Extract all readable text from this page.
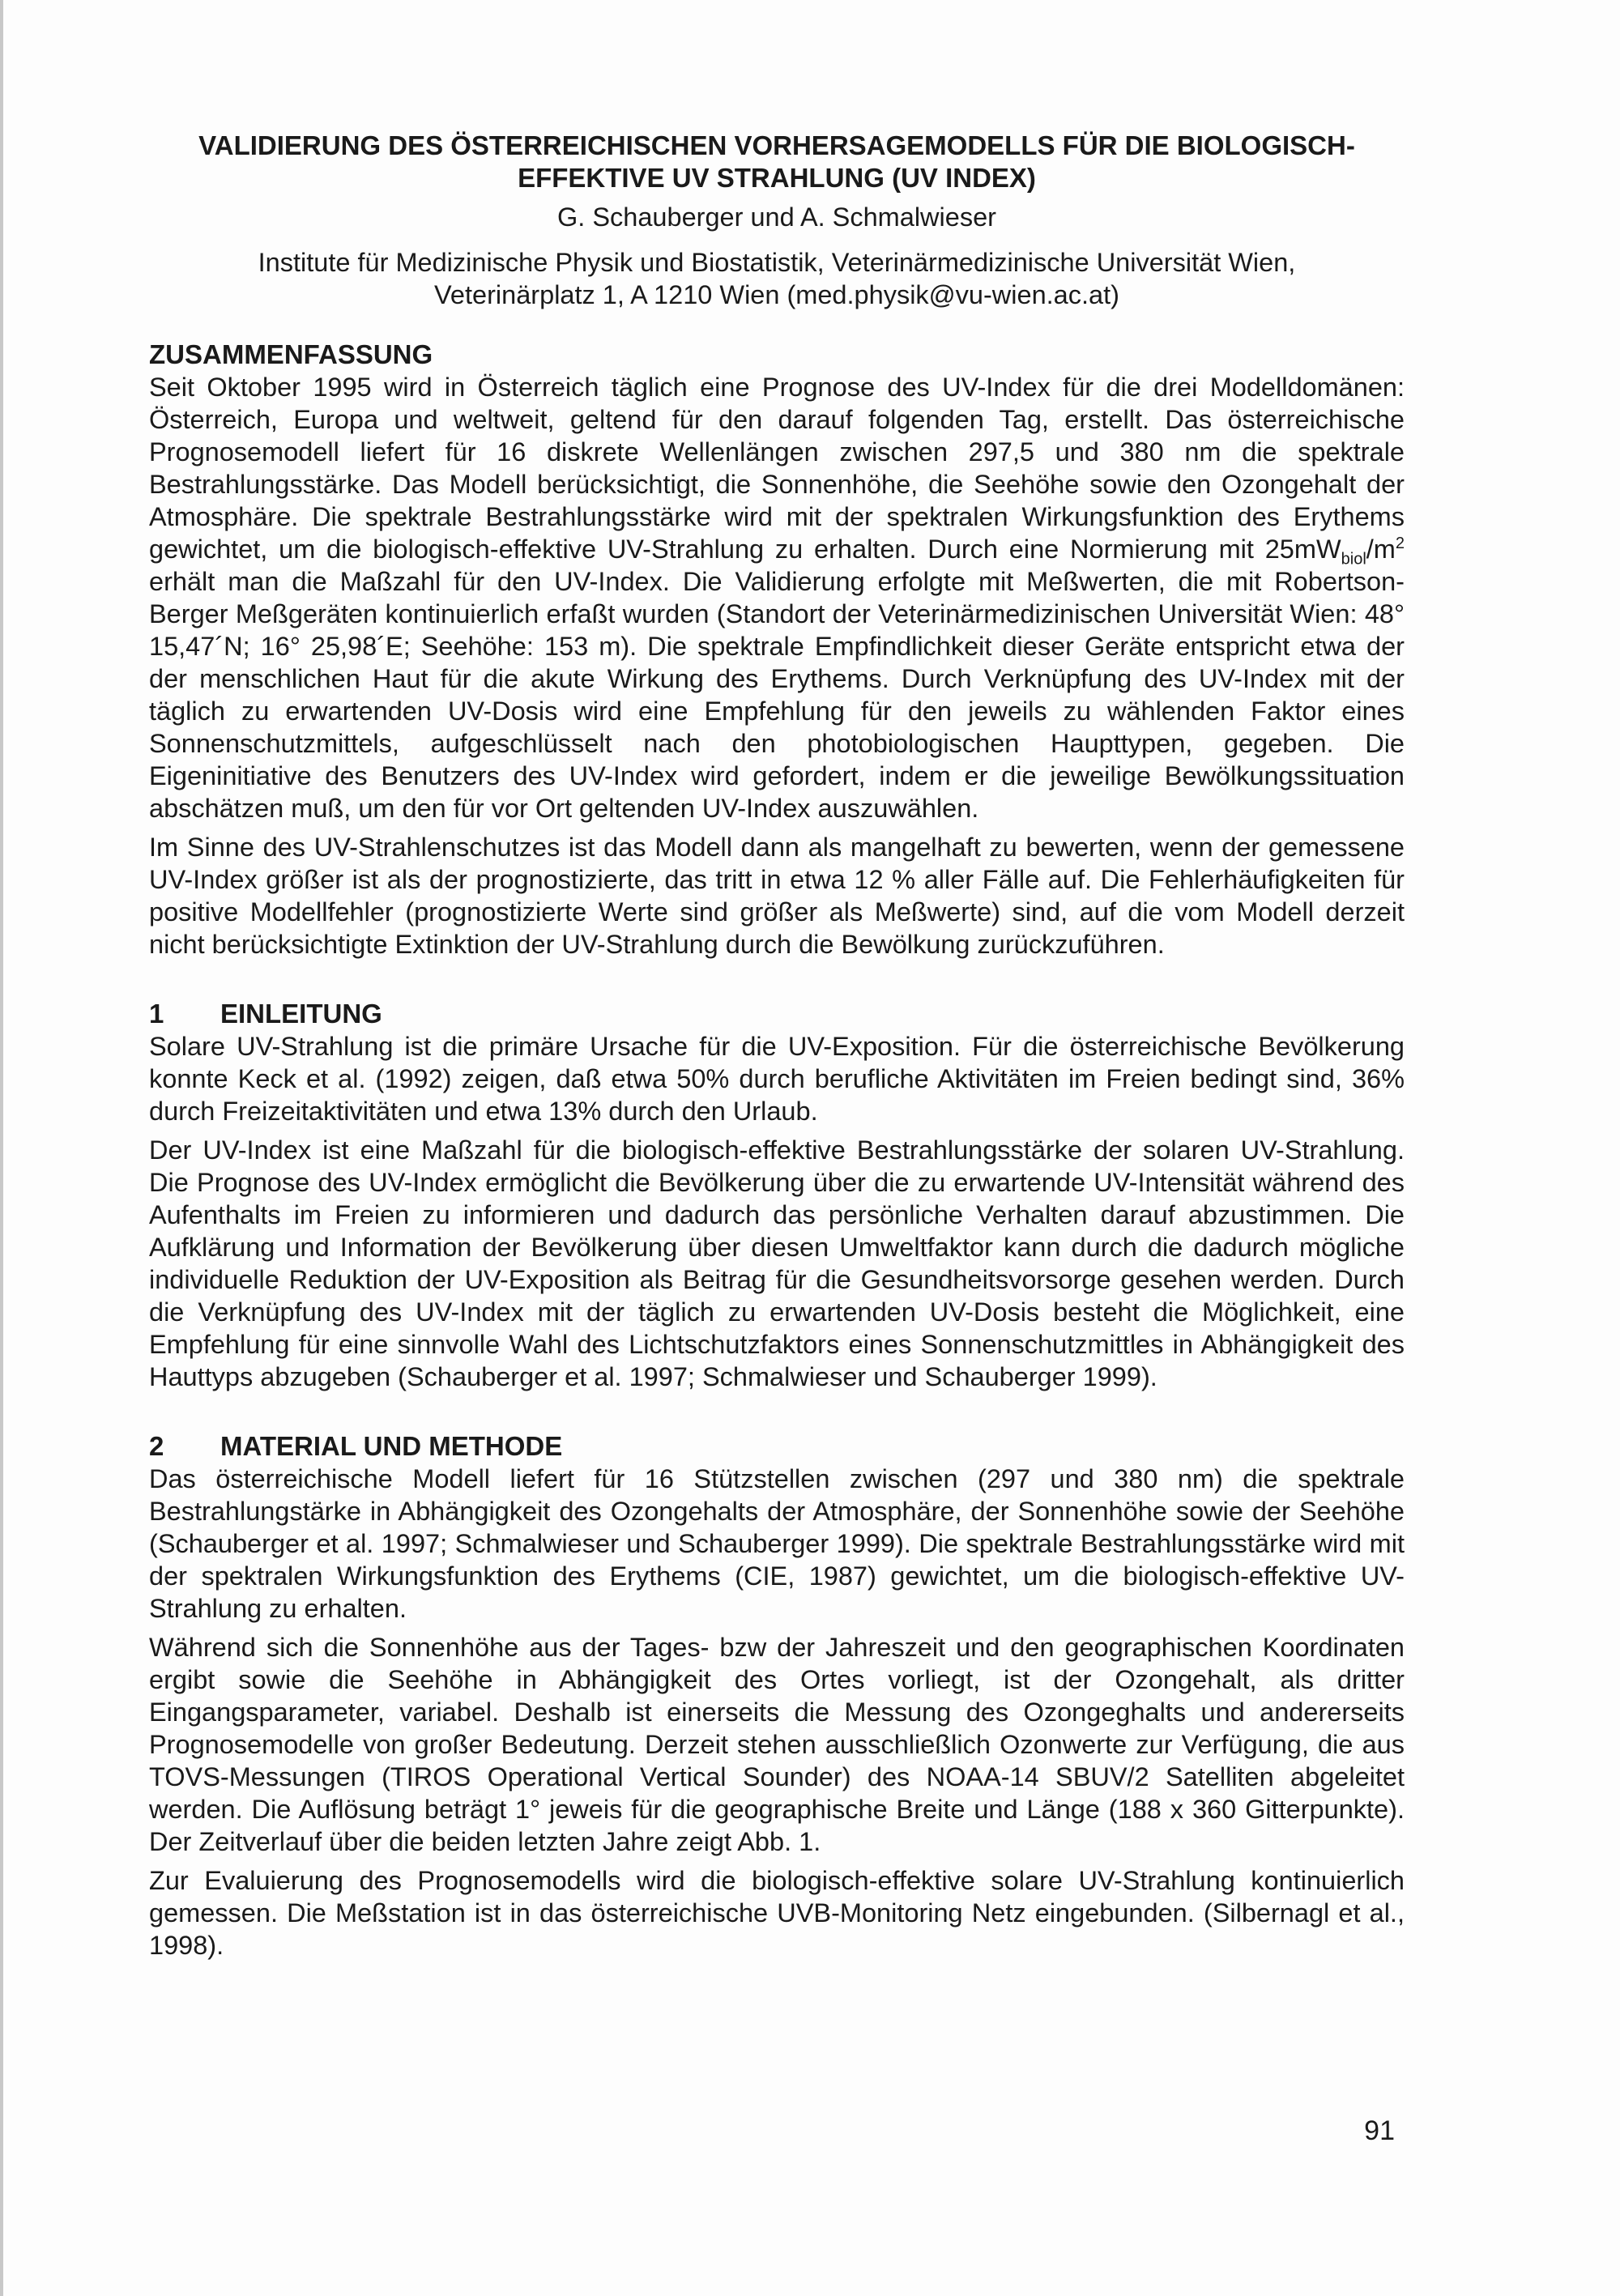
VALIDIERUNG DES ÖSTERREICHISCHEN VORHERSAGEMODELLS FÜR DIE BIOLOGISCH-EFFEKTIVE UV STRAHLUNG (UV INDEX)
G. Schauberger und A. Schmalwieser
Institute für Medizinische Physik und Biostatistik, Veterinärmedizinische Universität Wien,
Veterinärplatz 1, A 1210 Wien (med.physik@vu-wien.ac.at)
ZUSAMMENFASSUNG

Seit Oktober 1995 wird in Österreich täglich eine Prognose des UV-Index für die drei Modelldomänen: Österreich, Europa und weltweit, geltend für den darauf folgenden Tag, erstellt. Das österreichische Prognosemodell liefert für 16 diskrete Wellenlängen zwischen 297,5 und 380 nm die spektrale Bestrahlungsstärke. Das Modell berücksichtigt, die Sonnenhöhe, die Seehöhe sowie den Ozongehalt der Atmosphäre. Die spektrale Bestrahlungsstärke wird mit der spektralen Wirkungsfunktion des Erythems gewichtet, um die biologisch-effektive UV-Strahlung zu erhalten. Durch eine Normierung mit $25mW_{biol}/m^2$ erhält man die Maßzahl für den UV-Index. Die Validierung erfolgte mit Meßwerten, die mit Robertson-Berger Meßgeräten kontinuierlich erfaßt wurden (Standort der Veterinärmedizinischen Universität Wien: 48° 15,47´N; 16° 25,98´E; Seehöhe: 153 m). Die spektrale Empfindlichkeit dieser Geräte entspricht etwa der der menschlichen Haut für die akute Wirkung des Erythems. Durch Verknüpfung des UV-Index mit der täglich zu erwartenden UV-Dosis wird eine Empfehlung für den jeweils zu wählenden Faktor eines Sonnenschutzmittels, aufgeschlüsselt nach den photobiologischen Haupttypen, gegeben. Die Eigeninitiative des Benutzers des UV-Index wird gefordert, indem er die jeweilige Bewölkungssituation abschätzen muß, um den für vor Ort geltenden UV-Index auszuwählen.

Im Sinne des UV-Strahlenschutzes ist das Modell dann als mangelhaft zu bewerten, wenn der gemessene UV-Index größer ist als der prognostizierte, das tritt in etwa 12 % aller Fälle auf. Die Fehlerhäufigkeiten für positive Modellfehler (prognostizierte Werte sind größer als Meßwerte) sind, auf die vom Modell derzeit nicht berücksichtigte Extinktion der UV-Strahlung durch die Bewölkung zurückzuführen.

1	EINLEITUNG

Solare UV-Strahlung ist die primäre Ursache für die UV-Exposition. Für die österreichische Bevölkerung konnte Keck et al. (1992) zeigen, daß etwa 50% durch berufliche Aktivitäten im Freien bedingt sind, 36% durch Freizeitaktivitäten und etwa 13% durch den Urlaub.

Der UV-Index ist eine Maßzahl für die biologisch-effektive Bestrahlungsstärke der solaren UV-Strahlung. Die Prognose des UV-Index ermöglicht die Bevölkerung über die zu erwartende UV-Intensität während des Aufenthalts im Freien zu informieren und dadurch das persönliche Verhalten darauf abzustimmen. Die Aufklärung und Information der Bevölkerung über diesen Umweltfaktor kann durch die dadurch mögliche individuelle Reduktion der UV-Exposition als Beitrag für die Gesundheitsvorsorge gesehen werden. Durch die Verknüpfung des UV-Index mit der täglich zu erwartenden UV-Dosis besteht die Möglichkeit, eine Empfehlung für eine sinnvolle Wahl des Lichtschutzfaktors eines Sonnenschutzmittles in Abhängigkeit des Hauttyps abzugeben (Schauberger et al. 1997; Schmalwieser und Schauberger 1999).

2	MATERIAL UND METHODE

Das österreichische Modell liefert für 16 Stützstellen zwischen (297 und 380 nm) die spektrale Bestrahlungstärke in Abhängigkeit des Ozongehalts der Atmosphäre, der Sonnenhöhe sowie der Seehöhe (Schauberger et al. 1997; Schmalwieser und Schauberger 1999). Die spektrale Bestrahlungsstärke wird mit der spektralen Wirkungsfunktion des Erythems (CIE, 1987) gewichtet, um die biologisch-effektive UV-Strahlung zu erhalten.

Während sich die Sonnenhöhe aus der Tages- bzw der Jahreszeit und den geographischen Koordinaten ergibt sowie die Seehöhe in Abhängigkeit des Ortes vorliegt, ist der Ozongehalt, als dritter Eingangsparameter, variabel. Deshalb ist einerseits die Messung des Ozongeghalts und andererseits Prognosemodelle von großer Bedeutung. Derzeit stehen ausschließlich Ozonwerte zur Verfügung, die aus TOVS-Messungen (TIROS Operational Vertical Sounder) des NOAA-14 SBUV/2 Satelliten abgeleitet werden. Die Auflösung beträgt 1° jeweis für die geographische Breite und Länge (188 x 360 Gitterpunkte). Der Zeitverlauf über die beiden letzten Jahre zeigt Abb. 1.

Zur Evaluierung des Prognosemodells wird die biologisch-effektive solare UV-Strahlung kontinuierlich gemessen. Die Meßstation ist in das österreichische UVB-Monitoring Netz eingebunden. (Silbernagl et al., 1998).

91
